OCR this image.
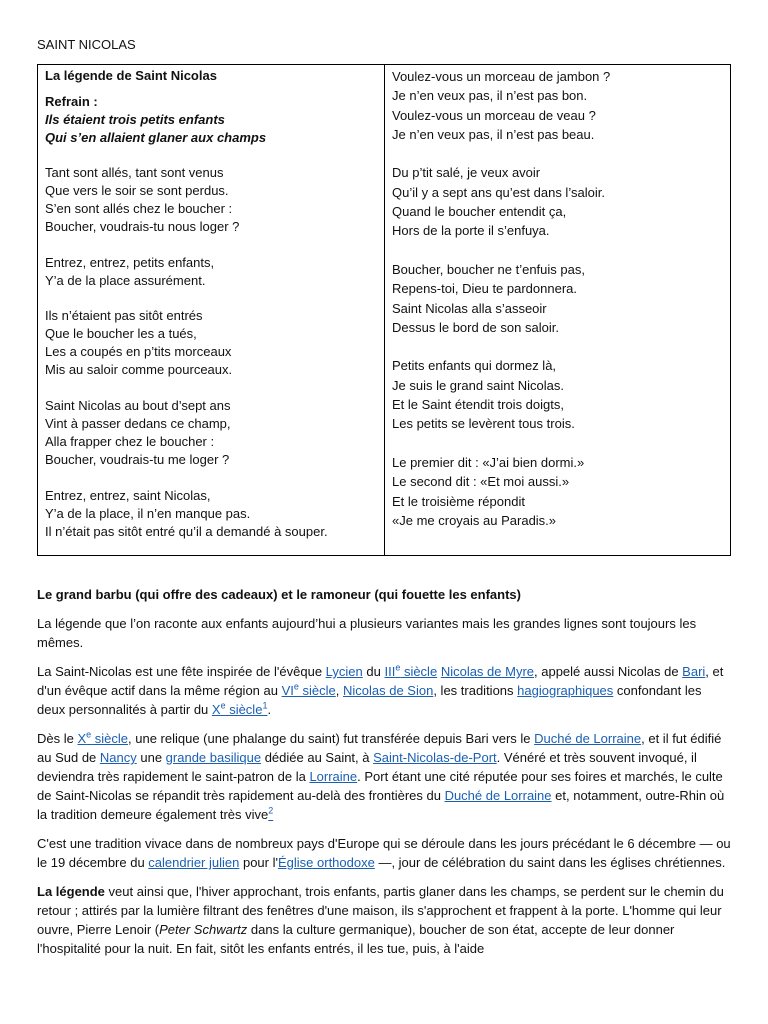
SAINT NICOLAS
La légende de Saint Nicolas
Refrain :
Ils étaient trois petits enfants
Qui s’en allaient glaner aux champs
Tant sont allés, tant sont venus
Que vers le soir se sont perdus.
S’en sont allés chez le boucher :
Boucher, voudrais-tu nous loger ?
Entrez, entrez, petits enfants,
Y’a de la place assurément.
Ils n’étaient pas sitôt entrés
Que le boucher les a tués,
Les a coupés en p’tits morceaux
Mis au saloir comme pourceaux.
Saint Nicolas au bout d’sept ans
Vint à passer dedans ce champ,
Alla frapper chez le boucher :
Boucher, voudrais-tu me loger ?
Entrez, entrez, saint Nicolas,
Y’a de la place, il n’en manque pas.
Il n’était pas sitôt entré qu’il a demandé à souper.
Voulez-vous un morceau de jambon ?
Je n’en veux pas, il n’est pas bon.
Voulez-vous un morceau de veau ?
Je n’en veux pas, il n’est pas beau.
Du p’tit salé, je veux avoir
Qu’il y a sept ans qu’est dans l’saloir.
Quand le boucher entendit ça,
Hors de la porte il s’enfuya.
Boucher, boucher ne t’enfuis pas,
Repens-toi, Dieu te pardonnera.
Saint Nicolas alla s’asseoir
Dessus le bord de son saloir.
Petits enfants qui dormez là,
Je suis le grand saint Nicolas.
Et le Saint étendit trois doigts,
Les petits se levèrent tous trois.
Le premier dit : «J’ai bien dormi.»
Le second dit : «Et moi aussi.»
Et le troisième répondit
«Je me croyais au Paradis.»
Le grand barbu (qui offre des cadeaux) et le ramoneur (qui fouette les enfants)

La légende que l’on raconte aux enfants aujourd’hui a plusieurs variantes mais les grandes lignes sont toujours les mêmes.

La Saint-Nicolas est une fête inspirée de l'évêque Lycien du IIIe siècle Nicolas de Myre, appelé aussi Nicolas de Bari, et d'un évêque actif dans la même région au VIe siècle, Nicolas de Sion, les traditions hagiographiques confondant les deux personnalités à partir du Xe siècle$^1$.

Dès le Xe siècle, une relique (une phalange du saint) fut transférée depuis Bari vers le Duché de Lorraine, et il fut édifié au Sud de Nancy une grande basilique dédiée au Saint, à Saint-Nicolas-de-Port. Vénéré et très souvent invoqué, il deviendra très rapidement le saint-patron de la Lorraine. Port étant une cité réputée pour ses foires et marchés, le culte de Saint-Nicolas se répandit très rapidement au-delà des frontières du Duché de Lorraine et, notamment, outre-Rhin où la tradition demeure également très vive$^2$

C'est une tradition vivace dans de nombreux pays d'Europe qui se déroule dans les jours précédant le 6 décembre — ou le 19 décembre du calendrier julien pour l'Église orthodoxe —, jour de célébration du saint dans les églises chrétiennes.

La légende veut ainsi que, l'hiver approchant, trois enfants, partis glaner dans les champs, se perdent sur le chemin du retour ; attirés par la lumière filtrant des fenêtres d'une maison, ils s'approchent et frappent à la porte. L'homme qui leur ouvre, Pierre Lenoir (Peter Schwartz dans la culture germanique), boucher de son état, accepte de leur donner l'hospitalité pour la nuit. En fait, sitôt les enfants entrés, il les tue, puis, à l'aide
